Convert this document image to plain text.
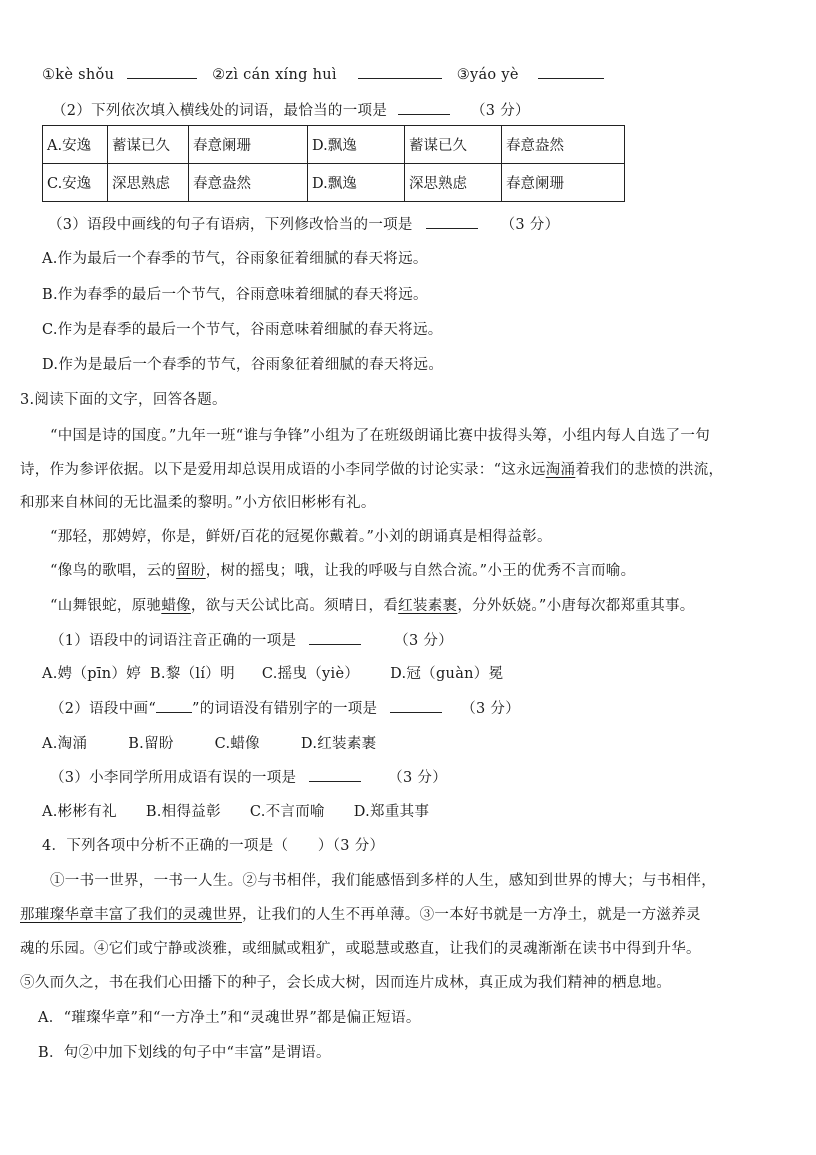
①kè shǒu	②zì cán xíng huì	③yáo yè
（2）下列依次填入横线处的词语，最恰当的一项是	（3 分）
A.安逸	蓄谋已久	春意阑珊	D.飘逸	蓄谋已久	春意盎然
C.安逸	深思熟虑	春意盎然	D.飘逸	深思熟虑	春意阑珊
（3）语段中画线的句子有语病，下列修改恰当的一项是	（3 分）
A.作为最后一个春季的节气，谷雨象征着细腻的春天将远。
B.作为春季的最后一个节气，谷雨意味着细腻的春天将远。
C.作为是春季的最后一个节气，谷雨意味着细腻的春天将远。
D.作为是最后一个春季的节气，谷雨象征着细腻的春天将远。
3.阅读下面的文字，回答各题。
“中国是诗的国度。”九年一班“谁与争锋”小组为了在班级朗诵比赛中拔得头筹，小组内每人自选了一句
诗，作为参评依据。以下是爱用却总误用成语的小李同学做的讨论实录：“这永远淘涌着我们的悲愤的洪流，
和那来自林间的无比温柔的黎明。”小方依旧彬彬有礼。
“那轻，那娉婷，你是，鲜妍/百花的冠冕你戴着。”小刘的朗诵真是相得益彰。
“像鸟的歌唱，云的留盼，树的摇曳；哦，让我的呼吸与自然合流。”小王的优秀不言而喻。
“山舞银蛇，原驰蜡像，欲与天公试比高。须晴日，看红装素裹，分外妖娆。”小唐每次都郑重其事。
（1）语段中的词语注音正确的一项是	（3 分）
A.娉（pīn）婷 B.黎（lí）明 C.摇曳（yiè） D.冠（guàn）冕
（2）语段中画“ ”的词语没有错别字的一项是	（3 分）
A.淘涌	B.留盼	C.蜡像	D.红装素裹
（3）小李同学所用成语有误的一项是	（3 分）
A.彬彬有礼 B.相得益彰 C.不言而喻 D.郑重其事
4．下列各项中分析不正确的一项是（　　）（3 分）
①一书一世界，一书一人生。②与书相伴，我们能感悟到多样的人生，感知到世界的博大；与书相伴，
那璀璨华章丰富了我们的灵魂世界，让我们的人生不再单薄。③一本好书就是一方净土，就是一方滋养灵
魂的乐园。④它们或宁静或淡雅，或细腻或粗犷，或聪慧或憨直，让我们的灵魂渐渐在读书中得到升华。
⑤久而久之，书在我们心田播下的种子，会长成大树，因而连片成林，真正成为我们精神的栖息地。
A．“璀璨华章”和“一方净土”和“灵魂世界”都是偏正短语。
B．句②中加下划线的句子中“丰富”是谓语。
